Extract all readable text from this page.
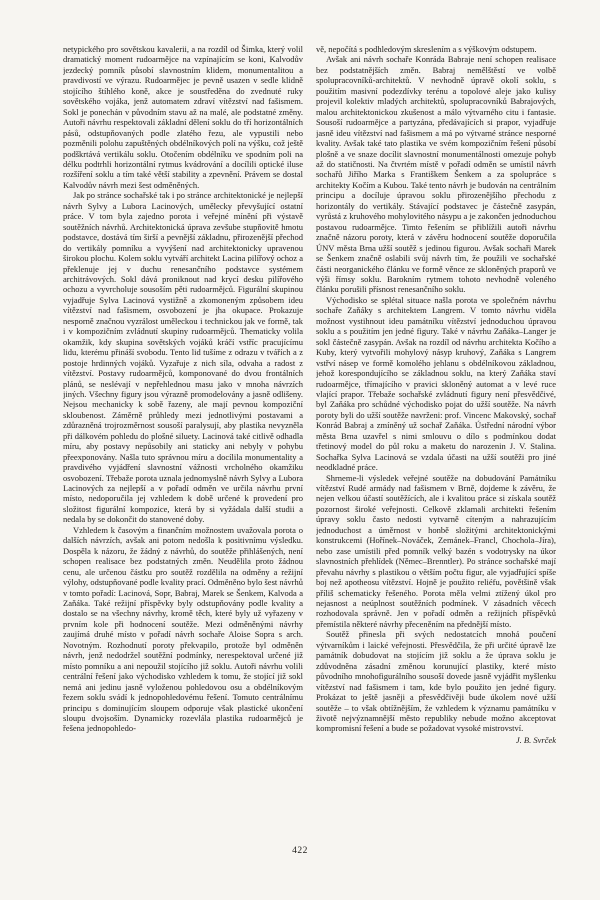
netypického pro sovětskou kavalerii, a na rozdíl od Šimka, který volil dramatický moment rudoarmějce na vzpínajícím se koni, Kalvodův jezdecký pomník působí slavnostním klidem, monumentalitou a pravdivostí ve výrazu. Rudoarmějec je pevně usazen v sedle klidně stojícího štíhlého koně, akce je soustředěna do zvednuté ruky sovětského vojáka, jenž automatem zdraví vítězství nad fašismem. Sokl je ponechán v původním stavu až na malé, ale podstatné změny. Autoři návrhu respektovali základní dělení soklu do tří horizontálních pásů, odstupňovaných podle zlatého řezu, ale vypustili nebo pozměnili polohu zapuštěných obdélníkových polí na výšku, což ještě podškrtává vertikálu soklu. Otočením obdélníku ve spodním poli na délku podtrhli horizontální rytmus kvádrování a docílili optické iluse rozšíření soklu a tím také větší stability a zpevnění. Právem se dostal Kalvodův návrh mezi šest odměněných.

Jak po stránce sochařské tak i po stránce architektonické je nejlepší návrh Sylvy a Lubora Lacinových, umělecky převyšující ostatní práce. V tom byla zajedno porota i veřejné mínění při výstavě soutěžních návrhů. Architektonická úprava zevšube stupňovitě hmotu podstavce, dostává tím širší a pevnější základnu, přirozenější přechod do vertikály pomníku a vyvýšení nad architektonicky upravenou širokou plochu. Kolem soklu vytváří architekt Lacina pilířový ochoz a překlenuje jej v duchu renesančního podstavce systémem architrávových. Sokl dává proniknout nad krycí desku pilířového ochozu a vyvrcholuje sousoším pěti rudoarmějců. Figurální skupinou vyjadřuje Sylva Lacinová vystižně a zkomoneným způsobem ideu vítězství nad fašismem, osvobození je jha okupace. Prokazuje nesporně značnou vyzrálost uměleckou i technickou jak ve formě, tak i v kompozičním zvládnutí skupiny rudoarmějců. Thematicky volila okamžik, kdy skupina sovětských vojáků kráčí vstříc pracujícímu lidu, kterému přináší svobodu. Tento lid tušíme z odrazu v tvářích a z postoje hrdinných vojáků. Vyzařuje z nich síla, odvaha a radost z vítězství. Postavy rudoarmějců, komponované do dvou frontálních plánů, se neslévají v nepřehlednou masu jako v mnoha návrzích jiných. Všechny figury jsou výrazně promodelovány a jasně odlišeny. Nejsou mechanicky k sobě řazeny, ale mají pevnou kompoziční skloubenost. Záměrně průhledy mezi jednotlivými postavami a zdůrazněná trojrozměrnost sousoší paralysují, aby plastika nevyzněla při dálkovém pohledu do plošné siluety. Lacinová také citlivě odhadla míru, aby postavy nepůsobily ani staticky ani nebyly v pohybu přeexponovány. Našla tuto správnou míru a docílila monumentality a pravdivého vyjádření slavnostní vážnosti vrcholného okamžiku osvobození. Třebaže porota uznala jednomyslně návrh Sylvy a Lubora Lacinových za nejlepší a v pořadí odměn ve určila návrhu první místo, nedoporučila jej vzhledem k době určené k provedení pro složitost figurální kompozice, která by si vyžádala další studii a nedala by se dokončit do stanovené doby.

Vzhledem k časovým a finančním možnostem uvažovala porota o dalších návrzích, avšak ani potom nedošla k positivnímu výsledku. Dospěla k názoru, že žádný z návrhů, do soutěže přihlášených, není schopen realisace bez podstatných změn. Neudělila proto žádnou cenu, ale určenou částku pro soutěž rozdělila na odměny a režijní výlohy, odstupňované podle kvality prací. Odměněno bylo šest návrhů v tomto pořadí: Lacinová, Sopr, Babraj, Marek se Šenkem, Kalvoda a Zaňáka. Také režijní příspěvky byly odstupňovány podle kvality a dostalo se na všechny návrhy, kromě těch, které byly už vyřazeny v prvním kole při hodnocení soutěže. Mezi odměněnými návrhy zaujímá druhé místo v pořadí návrh sochaře Aloise Sopra s arch. Novotným. Rozhodnutí poroty překvapilo, protože byl odměněn návrh, jenž nedodržel soutěžní podmínky, nerespektoval určené již místo pomníku a ani nepoužil stojícího již soklu. Autoři návrhu volili centrální řešení jako východisko vzhledem k tomu, že stojící již sokl nemá ani jedinu jasně vyloženou pohledovou osu a obdélníkovým řezem soklu svádí k jednopohledovému řešení. Tomuto centrálnímu principu s dominujícím sloupem odporuje však plastické ukončení sloupu dvojsoším. Dynamicky rozevlála plastika rudoarmějců je řešena jednopohledo-

vě, nepočítá s podhledovým skreslením a s výškovým odstupem.

Avšak ani návrh sochaře Konráda Babraje není schopen realisace bez podstatnějších změn. Babraj nemělštěstí ve volbě spolupracovníků-architektů. V nevhodně úpravě okolí soklu, s použitím masivní podezdívky terénu a topolové aleje jako kulisy projevil kolektiv mladých architektů, spolupracovníků Babrajových, malou architektonickou zkušenost a málo výtvarného citu i fantasie. Sousoší rudoarmějce a partyzána, předávajících si prapor, vyjadřuje jasně ideu vítězství nad fašismem a má po výtvarné stránce nesporné kvality. Avšak také tato plastika ve svém kompozičním řešení působí plošně a ve snaze docílit slavnostní monumentálnosti omezuje pohyb až do statičnosti. Na čtvrtém místě v pořadí odměn se umístil návrh sochařů Jiřího Marka s Františkem Šenkem a za spolupráce s architekty Kočím a Kubou. Také tento návrh je budován na centrálním principu a docíluje úpravou soklu přirozenějšího přechodu z horizontály do vertikály. Stávající podstavec je částečně zasypán, vyrůstá z kruhového mohylovitého násypu a je zakončen jednoduchou postavou rudoarmějce. Timto řešením se přiblížili autoři návrhu značně názoru poroty, která v závěru hodnocení soutěže doporučila ÚNV města Brna užší soutěž s jedinou figurou. Avšak sochaři Marek se Šenkem značně oslabili svůj návrh tím, že použili ve sochařské části neorganického článku ve formě věnce ze skloněných praporů ve výši římsy soklu. Barokním rytmem tohoto nevhodně voleného článku porušili přísnost renesančního soklu.

Východisko se splétal situace našla porota ve společném návrhu sochaře Zaňáky s architektem Langrem. V tomto návrhu viděla možnost vystihnout ideu památníku vítězství jednoduchou úpravou soklu a s použitím jen jedné figury. Také v návrhu Zaňáka–Langer je sokl částečně zasypán. Avšak na rozdíl od návrhu architekta Kočího a Kuby, který vytvořili mohylový násyp kruhový, Zaňáka s Langrem vstřví násep ve formě komolého jehlanu s obdélníkovou základnou, jehož korespondujícího se základnou soklu, na který Zaňáka staví rudoarmějce, třímajícího v pravici skloněný automat a v levé ruce vlající prapor. Třebaže sochařské zvládnutí figury není přesvědčivé, byl Zaňáka pro schůdné východisko pojat do užší soutěže. Na návrh poroty byli do užší soutěže navrženi: prof. Vincenc Makovský, sochař Konrád Babraj a zmíněný už sochař Zaňáka. Ústřední národní výbor města Brna uzavřel s nimi smlouvu o dílo s podmínkou dodat třetinový model do půl roku a maketu do narozenin J. V. Stalina. Sochařka Sylva Lacinová se vzdala účasti na užší soutěži pro jiné neodkladné práce.

Shrneme-li výsledek veřejné soutěže na dobudování Památníku vítězství Rudé armády nad fašismem v Brně, dojdeme k závěru, že nejen velkou účastí soutěžících, ale i kvalitou práce si získala soutěž pozornost široké veřejnosti. Celkově zklamali architekti řešením úpravy soklu často nedosti vytvarně cíteným a nahrazujícím jednoduchost a úměrnost v honbě složitými architektonickými konstrukcemi (Hořínek–Nováček, Zemánek–Francl, Chochola–Jíra), nebo zase umístili před pomník velký bazén s vodotrysky na úkor slavnostních přehlídek (Němec–Brenntler). Po stránce sochařské mají převahu návrhy s plastikou o větším počtu figur, ale vyjadřující spíše boj než apotheosu vítězství. Hojně je použito reliéfu, povětšině však příliš schematicky řešeného. Porota měla velmi ztížený úkol pro nejasnost a neúplnost soutěžních podmínek. V zásadních věcech rozhodovala správně. Jen v pořadí odměn a režijních příspěvků přemístila některé návrhy přeceněním na přednější místo.

Soutěž přinesla při svých nedostatcích mnohá poučení výtvarníkům i laické veřejnosti. Přesvědčila, že při určité úpravě lze památník dobudovat na stojícím již soklu a že úprava soklu je zdůvodněna zásadní změnou korunující plastiky, které místo původního mnohofigurálního sousoší dovede jasně vyjádřit myšlenku vítězství nad fašismem i tam, kde bylo použito jen jedné figury. Prokázat to ještě jasněji a přesvědčivěji bude úkolem nové užší soutěže – to však obtížnějším, že vzhledem k významu památníku v životě nejvýznamnější město republiky nebude možno akceptovat kompromisní řešení a bude se požadovat vysoké mistrovství.

J. B. Svrček
422
